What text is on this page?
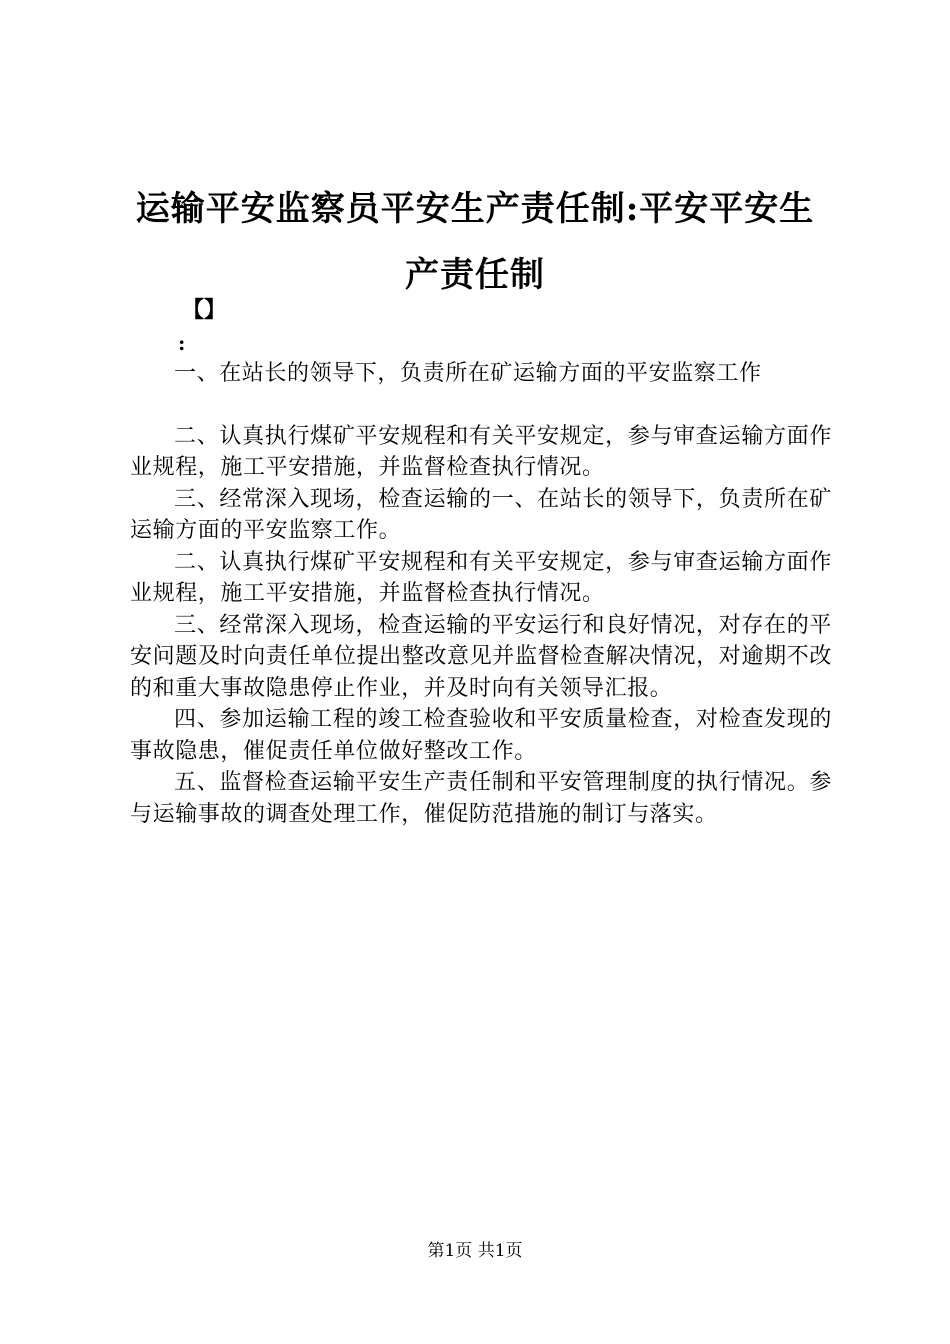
运输平安监察员平安生产责任制:平安平安生
产责任制
【】
:

一、在站长的领导下，负责所在矿运输方面的平安监察工作

二、认真执行煤矿平安规程和有关平安规定，参与审查运输方面作业规程，施工平安措施，并监督检查执行情况。

三、经常深入现场，检查运输的一、在站长的领导下，负责所在矿运输方面的平安监察工作。

二、认真执行煤矿平安规程和有关平安规定，参与审查运输方面作业规程，施工平安措施，并监督检查执行情况。

三、经常深入现场，检查运输的平安运行和良好情况，对存在的平安问题及时向责任单位提出整改意见并监督检查解决情况，对逾期不改的和重大事故隐患停止作业，并及时向有关领导汇报。

四、参加运输工程的竣工检查验收和平安质量检查，对检查发现的事故隐患，催促责任单位做好整改工作。

五、监督检查运输平安生产责任制和平安管理制度的执行情况。参与运输事故的调查处理工作，催促防范措施的制订与落实。

第1页 共1页
